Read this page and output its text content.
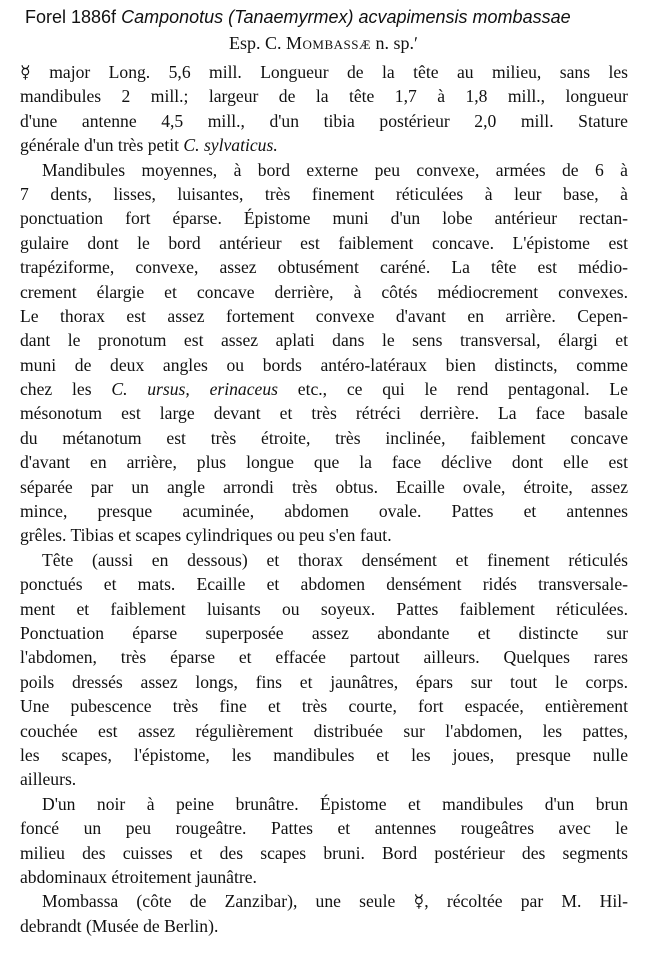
Forel 1886f Camponotus (Tanaemyrmex) acvapimensis mombassae
Esp. C. Mombassæ n. sp.ʹ
☿ major Long. 5,6 mill. Longueur de la tête au milieu, sans les
mandibules 2 mill.; largeur de la tête 1,7 à 1,8 mill., longueur
d'une antenne 4,5 mill., d'un tibia postérieur 2,0 mill. Stature
générale d'un très petit C. sylvaticus.
Mandibules moyennes, à bord externe peu convexe, armées de 6 à
7 dents, lisses, luisantes, très finement réticulées à leur base, à
ponctuation fort éparse. Épistome muni d'un lobe antérieur rectan-
gulaire dont le bord antérieur est faiblement concave. L'épistome est
trapéziforme, convexe, assez obtusément caréné. La tête est médio-
crement élargie et concave derrière, à côtés médiocrement convexes.
Le thorax est assez fortement convexe d'avant en arrière. Cepen-
dant le pronotum est assez aplati dans le sens transversal, élargi et
muni de deux angles ou bords antéro-latéraux bien distincts, comme
chez les C. ursus, erinaceus etc., ce qui le rend pentagonal. Le
mésonotum est large devant et très rétréci derrière. La face basale
du métanotum est très étroite, très inclinée, faiblement concave
d'avant en arrière, plus longue que la face déclive dont elle est
séparée par un angle arrondi très obtus. Ecaille ovale, étroite, assez
mince, presque acuminée, abdomen ovale. Pattes et antennes
grêles. Tibias et scapes cylindriques ou peu s'en faut.
Tête (aussi en dessous) et thorax densément et finement réticulés
ponctués et mats. Ecaille et abdomen densément ridés transversale-
ment et faiblement luisants ou soyeux. Pattes faiblement réticulées.
Ponctuation éparse superposée assez abondante et distincte sur
l'abdomen, très éparse et effacée partout ailleurs. Quelques rares
poils dressés assez longs, fins et jaunâtres, épars sur tout le corps.
Une pubescence très fine et très courte, fort espacée, entièrement
couchée est assez régulièrement distribuée sur l'abdomen, les pattes,
les scapes, l'épistome, les mandibules et les joues, presque nulle
ailleurs.
D'un noir à peine brunâtre. Épistome et mandibules d'un brun
foncé un peu rougeâtre. Pattes et antennes rougeâtres avec le
milieu des cuisses et des scapes bruni. Bord postérieur des segments
abdominaux étroitement jaunâtre.
Mombassa (côte de Zanzibar), une seule ☿, récoltée par M. Hil-
debrandt (Musée de Berlin).
